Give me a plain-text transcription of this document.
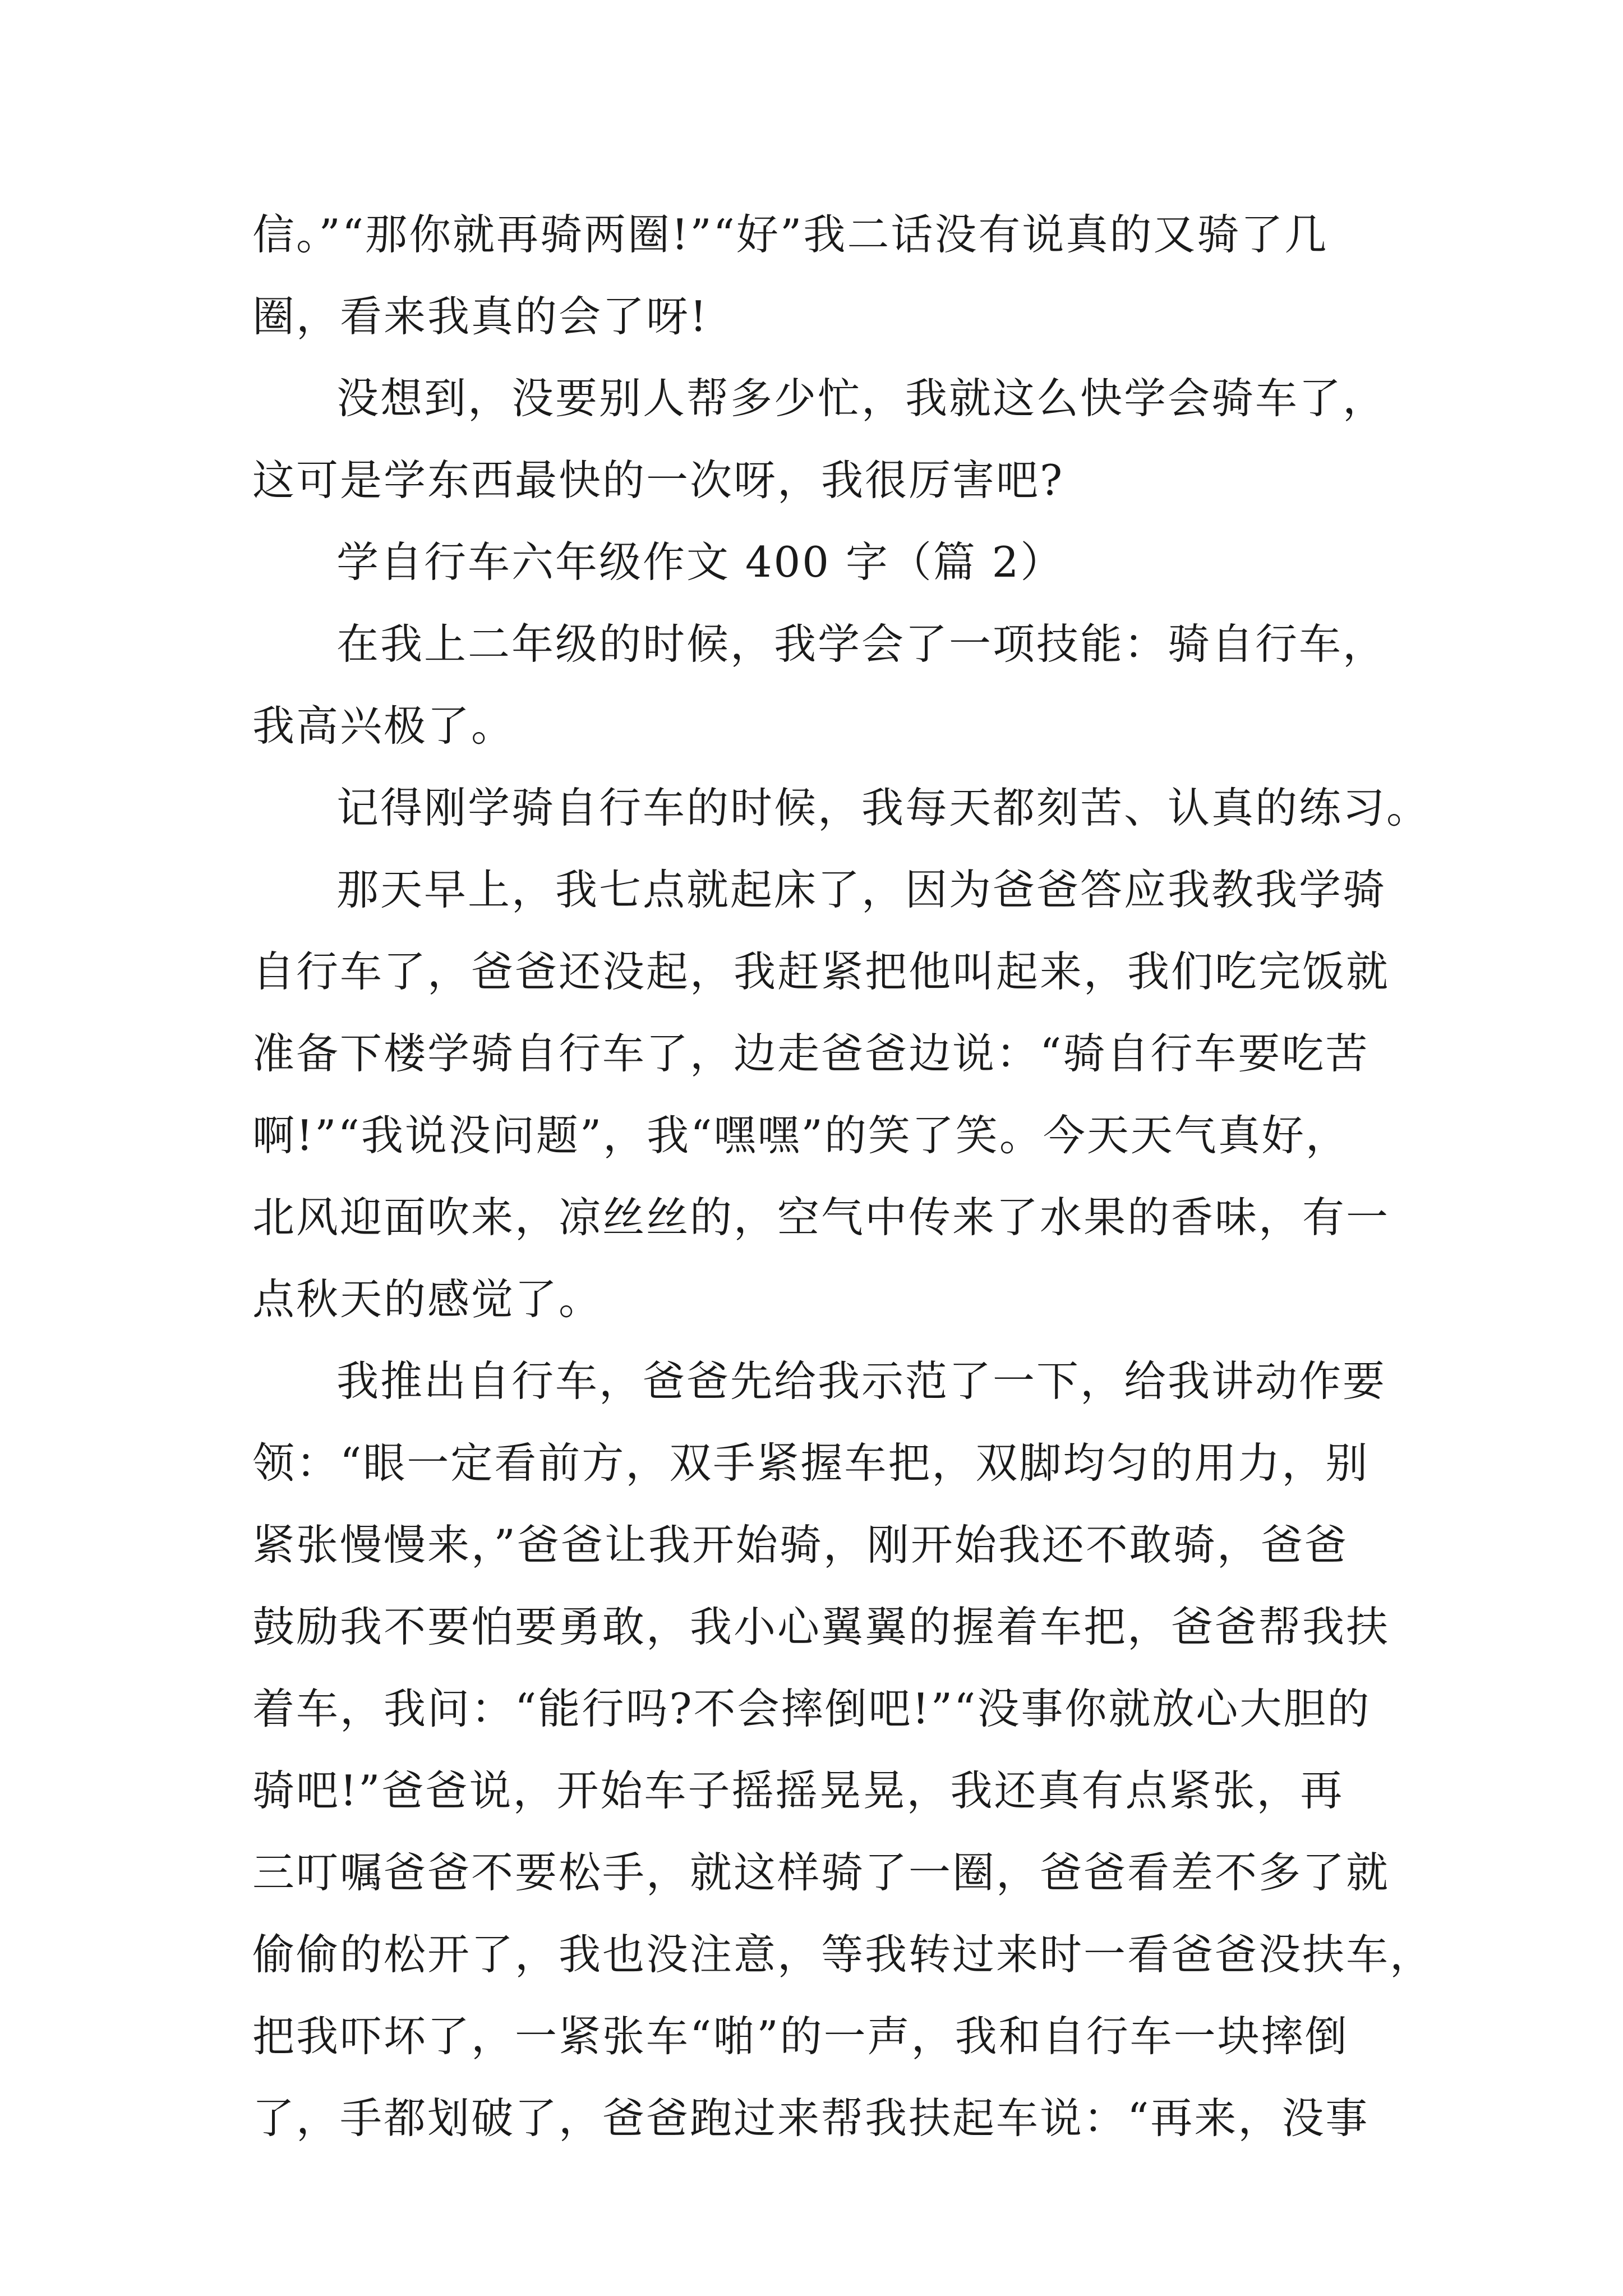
信。”“那你就再骑两圈!”“好”我二话没有说真的又骑了几
圈，看来我真的会了呀!
没想到，没要别人帮多少忙，我就这么快学会骑车了，
这可是学东西最快的一次呀，我很厉害吧?
学自行车六年级作文 400 字（篇 2）
在我上二年级的时候，我学会了一项技能：骑自行车，
我高兴极了。
记得刚学骑自行车的时候，我每天都刻苦、认真的练习。
那天早上，我七点就起床了，因为爸爸答应我教我学骑
自行车了，爸爸还没起，我赶紧把他叫起来，我们吃完饭就
准备下楼学骑自行车了，边走爸爸边说：“骑自行车要吃苦
啊!”“我说没问题”，我“嘿嘿”的笑了笑。今天天气真好，
北风迎面吹来，凉丝丝的，空气中传来了水果的香味，有一
点秋天的感觉了。
我推出自行车，爸爸先给我示范了一下，给我讲动作要
领：“眼一定看前方，双手紧握车把，双脚均匀的用力，别
紧张慢慢来，”爸爸让我开始骑，刚开始我还不敢骑，爸爸
鼓励我不要怕要勇敢，我小心翼翼的握着车把，爸爸帮我扶
着车，我问：“能行吗?不会摔倒吧!”“没事你就放心大胆的
骑吧!”爸爸说，开始车子摇摇晃晃，我还真有点紧张，再
三叮嘱爸爸不要松手，就这样骑了一圈，爸爸看差不多了就
偷偷的松开了，我也没注意，等我转过来时一看爸爸没扶车，
把我吓坏了，一紧张车“啪”的一声，我和自行车一块摔倒
了，手都划破了，爸爸跑过来帮我扶起车说：“再来，没事
